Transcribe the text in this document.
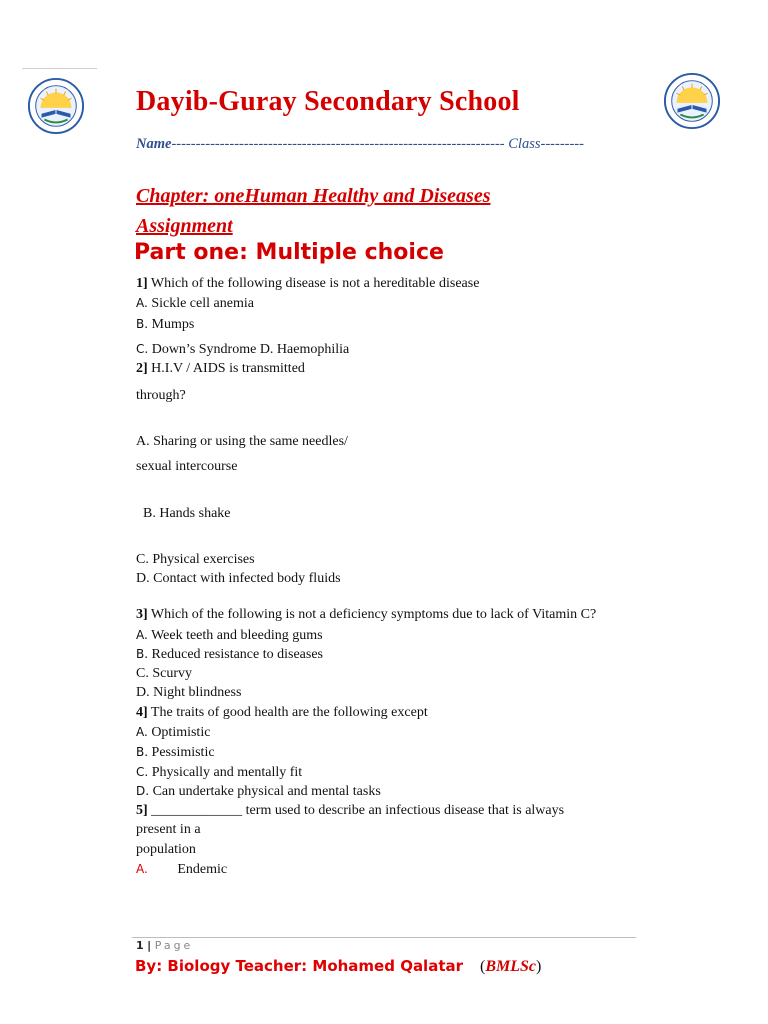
Dayib-Guray Secondary School
Name--------------------------------------------------------------------- Class---------
Chapter: oneHuman Healthy and Diseases
Assignment
Part one: Multiple choice
1] Which of the following disease is not a hereditable disease
A. Sickle cell anemia
B. Mumps
C. Down’s Syndrome D. Haemophilia
2] H.I.V / AIDS is transmitted
through?
A. Sharing or using the same needles/
sexual intercourse
B. Hands shake
C. Physical exercises
D. Contact with infected body fluids
3] Which of the following is not a deficiency symptoms due to lack of Vitamin C?
A. Week teeth and bleeding gums
B. Reduced resistance to diseases
C. Scurvy
D. Night blindness
4] The traits of good health are the following except
A. Optimistic
B. Pessimistic
C. Physically and mentally fit
D. Can undertake physical and mental tasks
5] _____________ term used to describe an infectious disease that is always
present in a
population
A. Endemic
1 | Page
By: Biology Teacher: Mohamed Qalatar (BMLSc)
